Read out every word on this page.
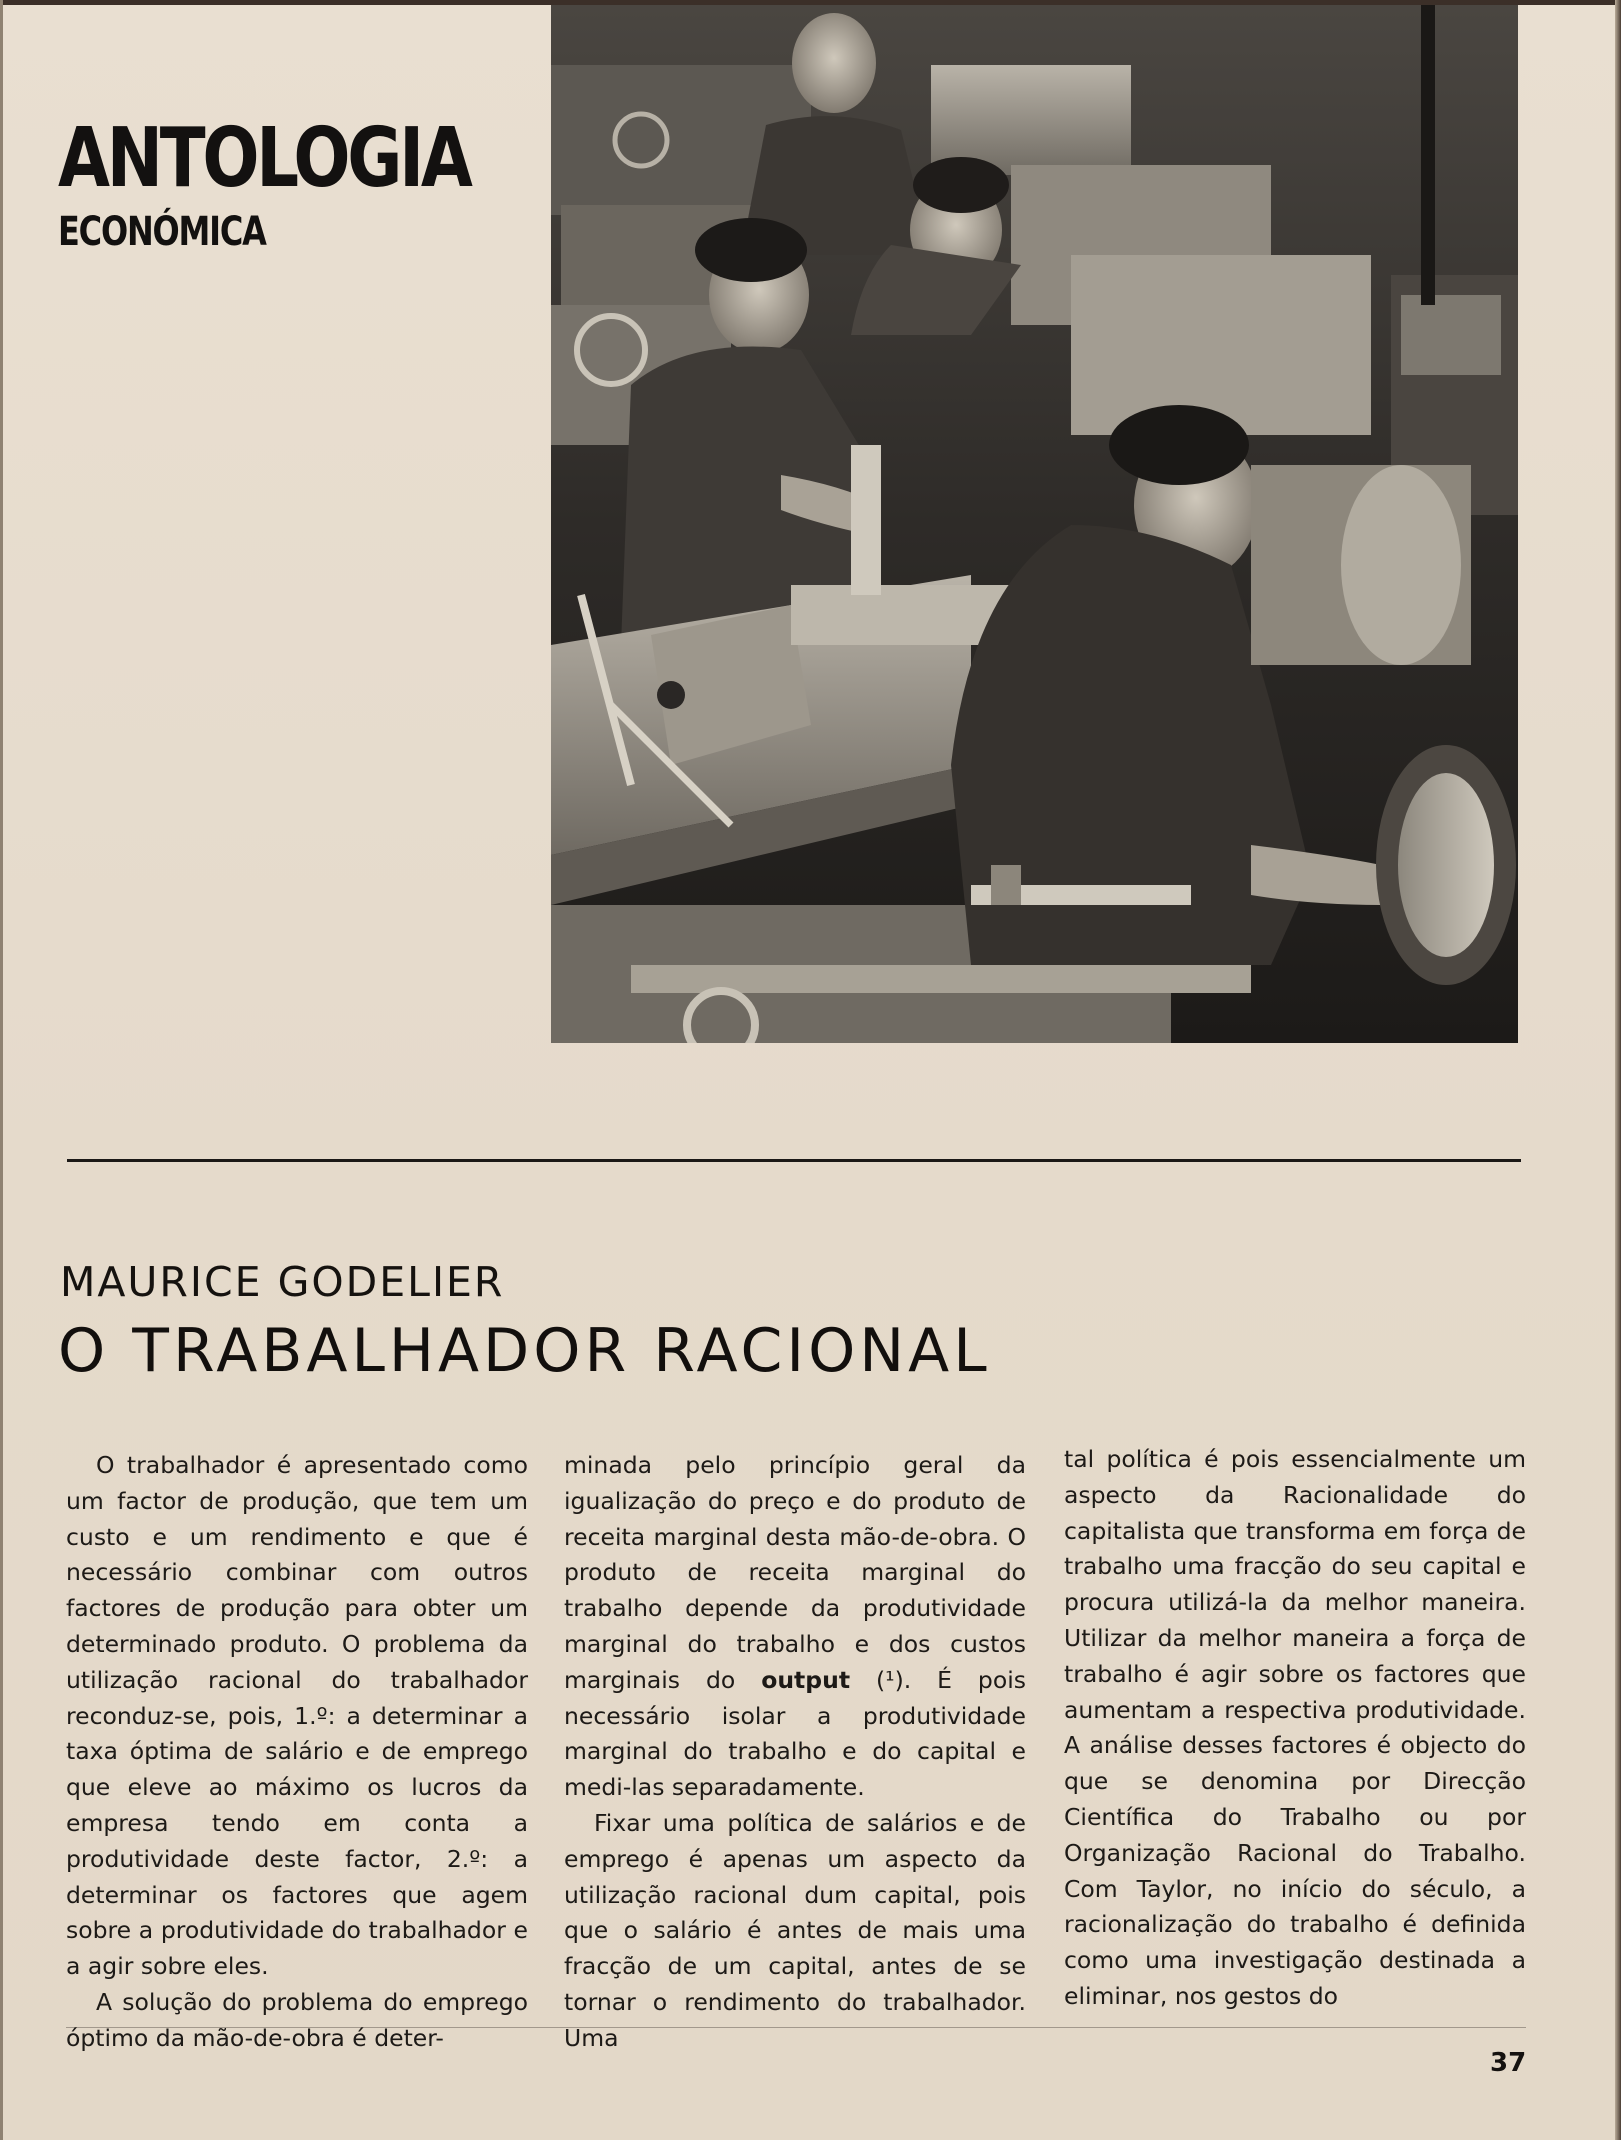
ANTOLOGIA
ECONÓMICA
MAURICE GODELIER
O TRABALHADOR RACIONAL

O trabalhador é apresentado como um factor de produção, que tem um custo e um rendimento e que é necessário combinar com outros factores de produção para obter um determinado produto. O problema da utilização racional do trabalhador reconduz-se, pois, 1.º: a determinar a taxa óptima de salário e de emprego que eleve ao máximo os lucros da empresa tendo em conta a produtividade deste factor, 2.º: a determinar os factores que agem sobre a produtividade do trabalhador e a agir sobre eles.

A solução do problema do emprego óptimo da mão-de-obra é deter-

minada pelo princípio geral da igualização do preço e do produto de receita marginal desta mão-de-obra. O produto de receita marginal do trabalho depende da produtividade marginal do trabalho e dos custos marginais do output (¹). É pois necessário isolar a produtividade marginal do trabalho e do capital e medi-las separadamente.

Fixar uma política de salários e de emprego é apenas um aspecto da utilização racional dum capital, pois que o salário é antes de mais uma fracção de um capital, antes de se tornar o rendimento do trabalhador. Uma

tal política é pois essencialmente um aspecto da Racionalidade do capitalista que transforma em força de trabalho uma fracção do seu capital e procura utilizá-la da melhor maneira. Utilizar da melhor maneira a força de trabalho é agir sobre os factores que aumentam a respectiva produtividade. A análise desses factores é objecto do que se denomina por Direcção Científica do Trabalho ou por Organização Racional do Trabalho. Com Taylor, no início do século, a racionalização do trabalho é definida como uma investigação destinada a eliminar, nos gestos do

37
